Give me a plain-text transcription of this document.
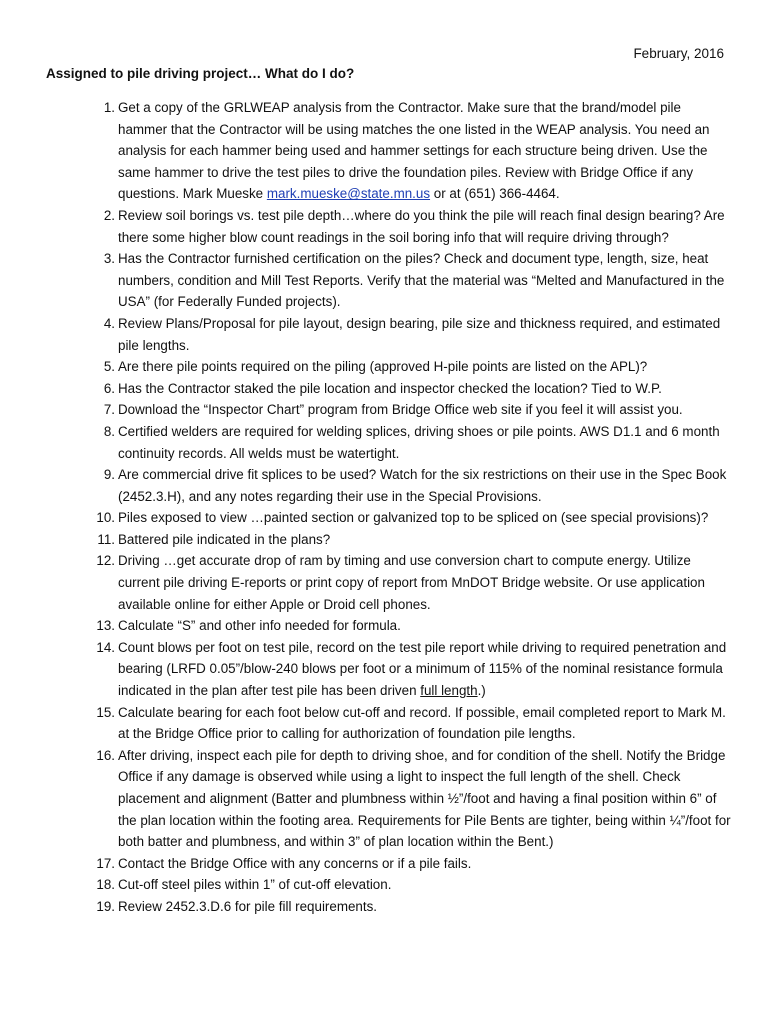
February, 2016
Assigned to pile driving project… What do I do?
1. Get a copy of the GRLWEAP analysis from the Contractor. Make sure that the brand/model pile hammer that the Contractor will be using matches the one listed in the WEAP analysis. You need an analysis for each hammer being used and hammer settings for each structure being driven. Use the same hammer to drive the test piles to drive the foundation piles. Review with Bridge Office if any questions. Mark Mueske mark.mueske@state.mn.us or at (651) 366-4464.
2. Review soil borings vs. test pile depth…where do you think the pile will reach final design bearing? Are there some higher blow count readings in the soil boring info that will require driving through?
3. Has the Contractor furnished certification on the piles? Check and document type, length, size, heat numbers, condition and Mill Test Reports. Verify that the material was “Melted and Manufactured in the USA” (for Federally Funded projects).
4. Review Plans/Proposal for pile layout, design bearing, pile size and thickness required, and estimated pile lengths.
5. Are there pile points required on the piling (approved H-pile points are listed on the APL)?
6. Has the Contractor staked the pile location and inspector checked the location? Tied to W.P.
7. Download the “Inspector Chart” program from Bridge Office web site if you feel it will assist you.
8. Certified welders are required for welding splices, driving shoes or pile points. AWS D1.1 and 6 month continuity records. All welds must be watertight.
9. Are commercial drive fit splices to be used? Watch for the six restrictions on their use in the Spec Book (2452.3.H), and any notes regarding their use in the Special Provisions.
10. Piles exposed to view …painted section or galvanized top to be spliced on (see special provisions)?
11. Battered pile indicated in the plans?
12. Driving …get accurate drop of ram by timing and use conversion chart to compute energy. Utilize current pile driving E-reports or print copy of report from MnDOT Bridge website. Or use application available online for either Apple or Droid cell phones.
13. Calculate “S” and other info needed for formula.
14. Count blows per foot on test pile, record on the test pile report while driving to required penetration and bearing (LRFD 0.05”/blow-240 blows per foot or a minimum of 115% of the nominal resistance formula indicated in the plan after test pile has been driven full length.)
15. Calculate bearing for each foot below cut-off and record. If possible, email completed report to Mark M. at the Bridge Office prior to calling for authorization of foundation pile lengths.
16. After driving, inspect each pile for depth to driving shoe, and for condition of the shell. Notify the Bridge Office if any damage is observed while using a light to inspect the full length of the shell. Check placement and alignment (Batter and plumbness within ½”/foot and having a final position within 6” of the plan location within the footing area. Requirements for Pile Bents are tighter, being within ¼”/foot for both batter and plumbness, and within 3” of plan location within the Bent.)
17. Contact the Bridge Office with any concerns or if a pile fails.
18. Cut-off steel piles within 1” of cut-off elevation.
19. Review 2452.3.D.6 for pile fill requirements.
